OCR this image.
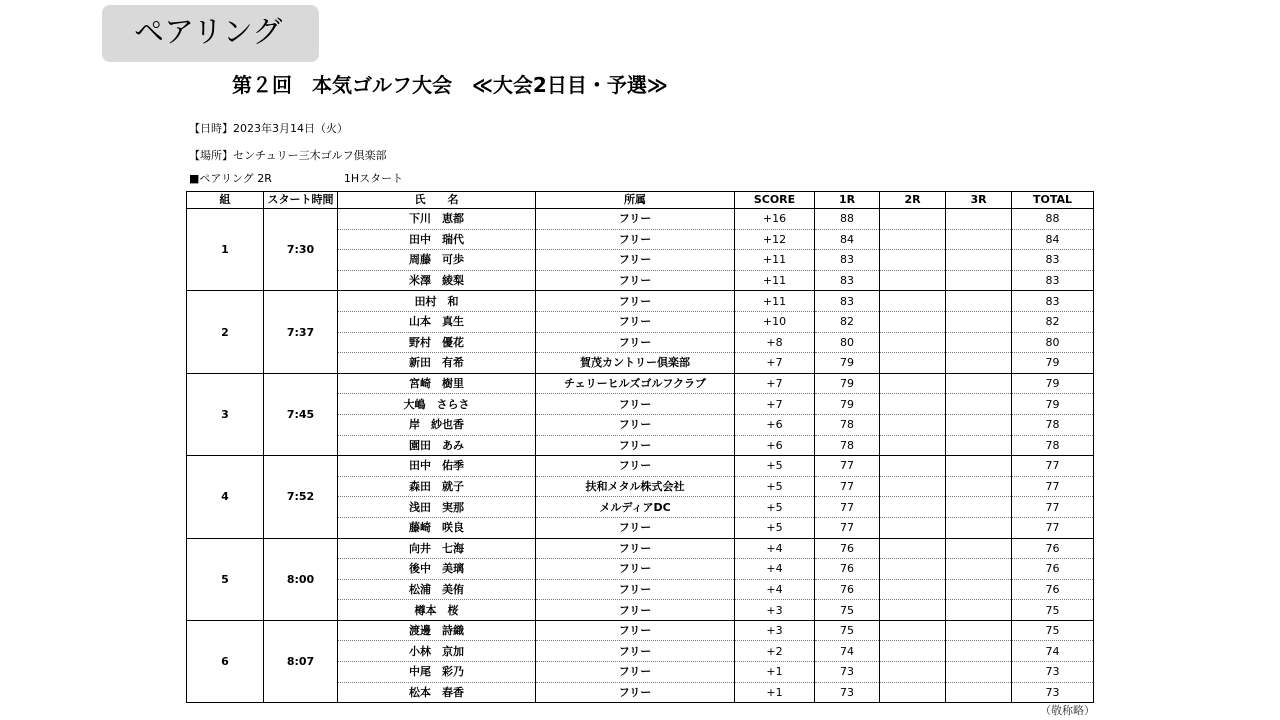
ペアリング
第２回　本気ゴルフ大会　≪大会2日目・予選≫
【日時】2023年3月14日（火）
【場所】センチュリー三木ゴルフ倶楽部
■ペアリング 2R	1Hスタート
組	スタート時間	氏　　名	所属	SCORE	1R	2R	3R	TOTAL
1	7:30	下川　恵都	フリー	+16	88			88
		田中　瑞代	フリー	+12	84			84
		周藤　可歩	フリー	+11	83			83
		米澤　綾梨	フリー	+11	83			83
2	7:37	田村　和	フリー	+11	83			83
		山本　真生	フリー	+10	82			82
		野村　優花	フリー	+8	80			80
		新田　有希	賀茂カントリー倶楽部	+7	79			79
3	7:45	宮崎　樹里	チェリーヒルズゴルフクラブ	+7	79			79
		大嶋　さらさ	フリー	+7	79			79
		岸　紗也香	フリー	+6	78			78
		園田　あみ	フリー	+6	78			78
4	7:52	田中　佑季	フリー	+5	77			77
		森田　就子	扶和メタル株式会社	+5	77			77
		浅田　実那	メルディアDC	+5	77			77
		藤崎　咲良	フリー	+5	77			77
5	8:00	向井　七海	フリー	+4	76			76
		後中　美璃	フリー	+4	76			76
		松浦　美侑	フリー	+4	76			76
		樽本　桜	フリー	+3	75			75
6	8:07	渡邊　詩織	フリー	+3	75			75
		小林　京加	フリー	+2	74			74
		中尾　彩乃	フリー	+1	73			73
		松本　春香	フリー	+1	73			73
（敬称略）
